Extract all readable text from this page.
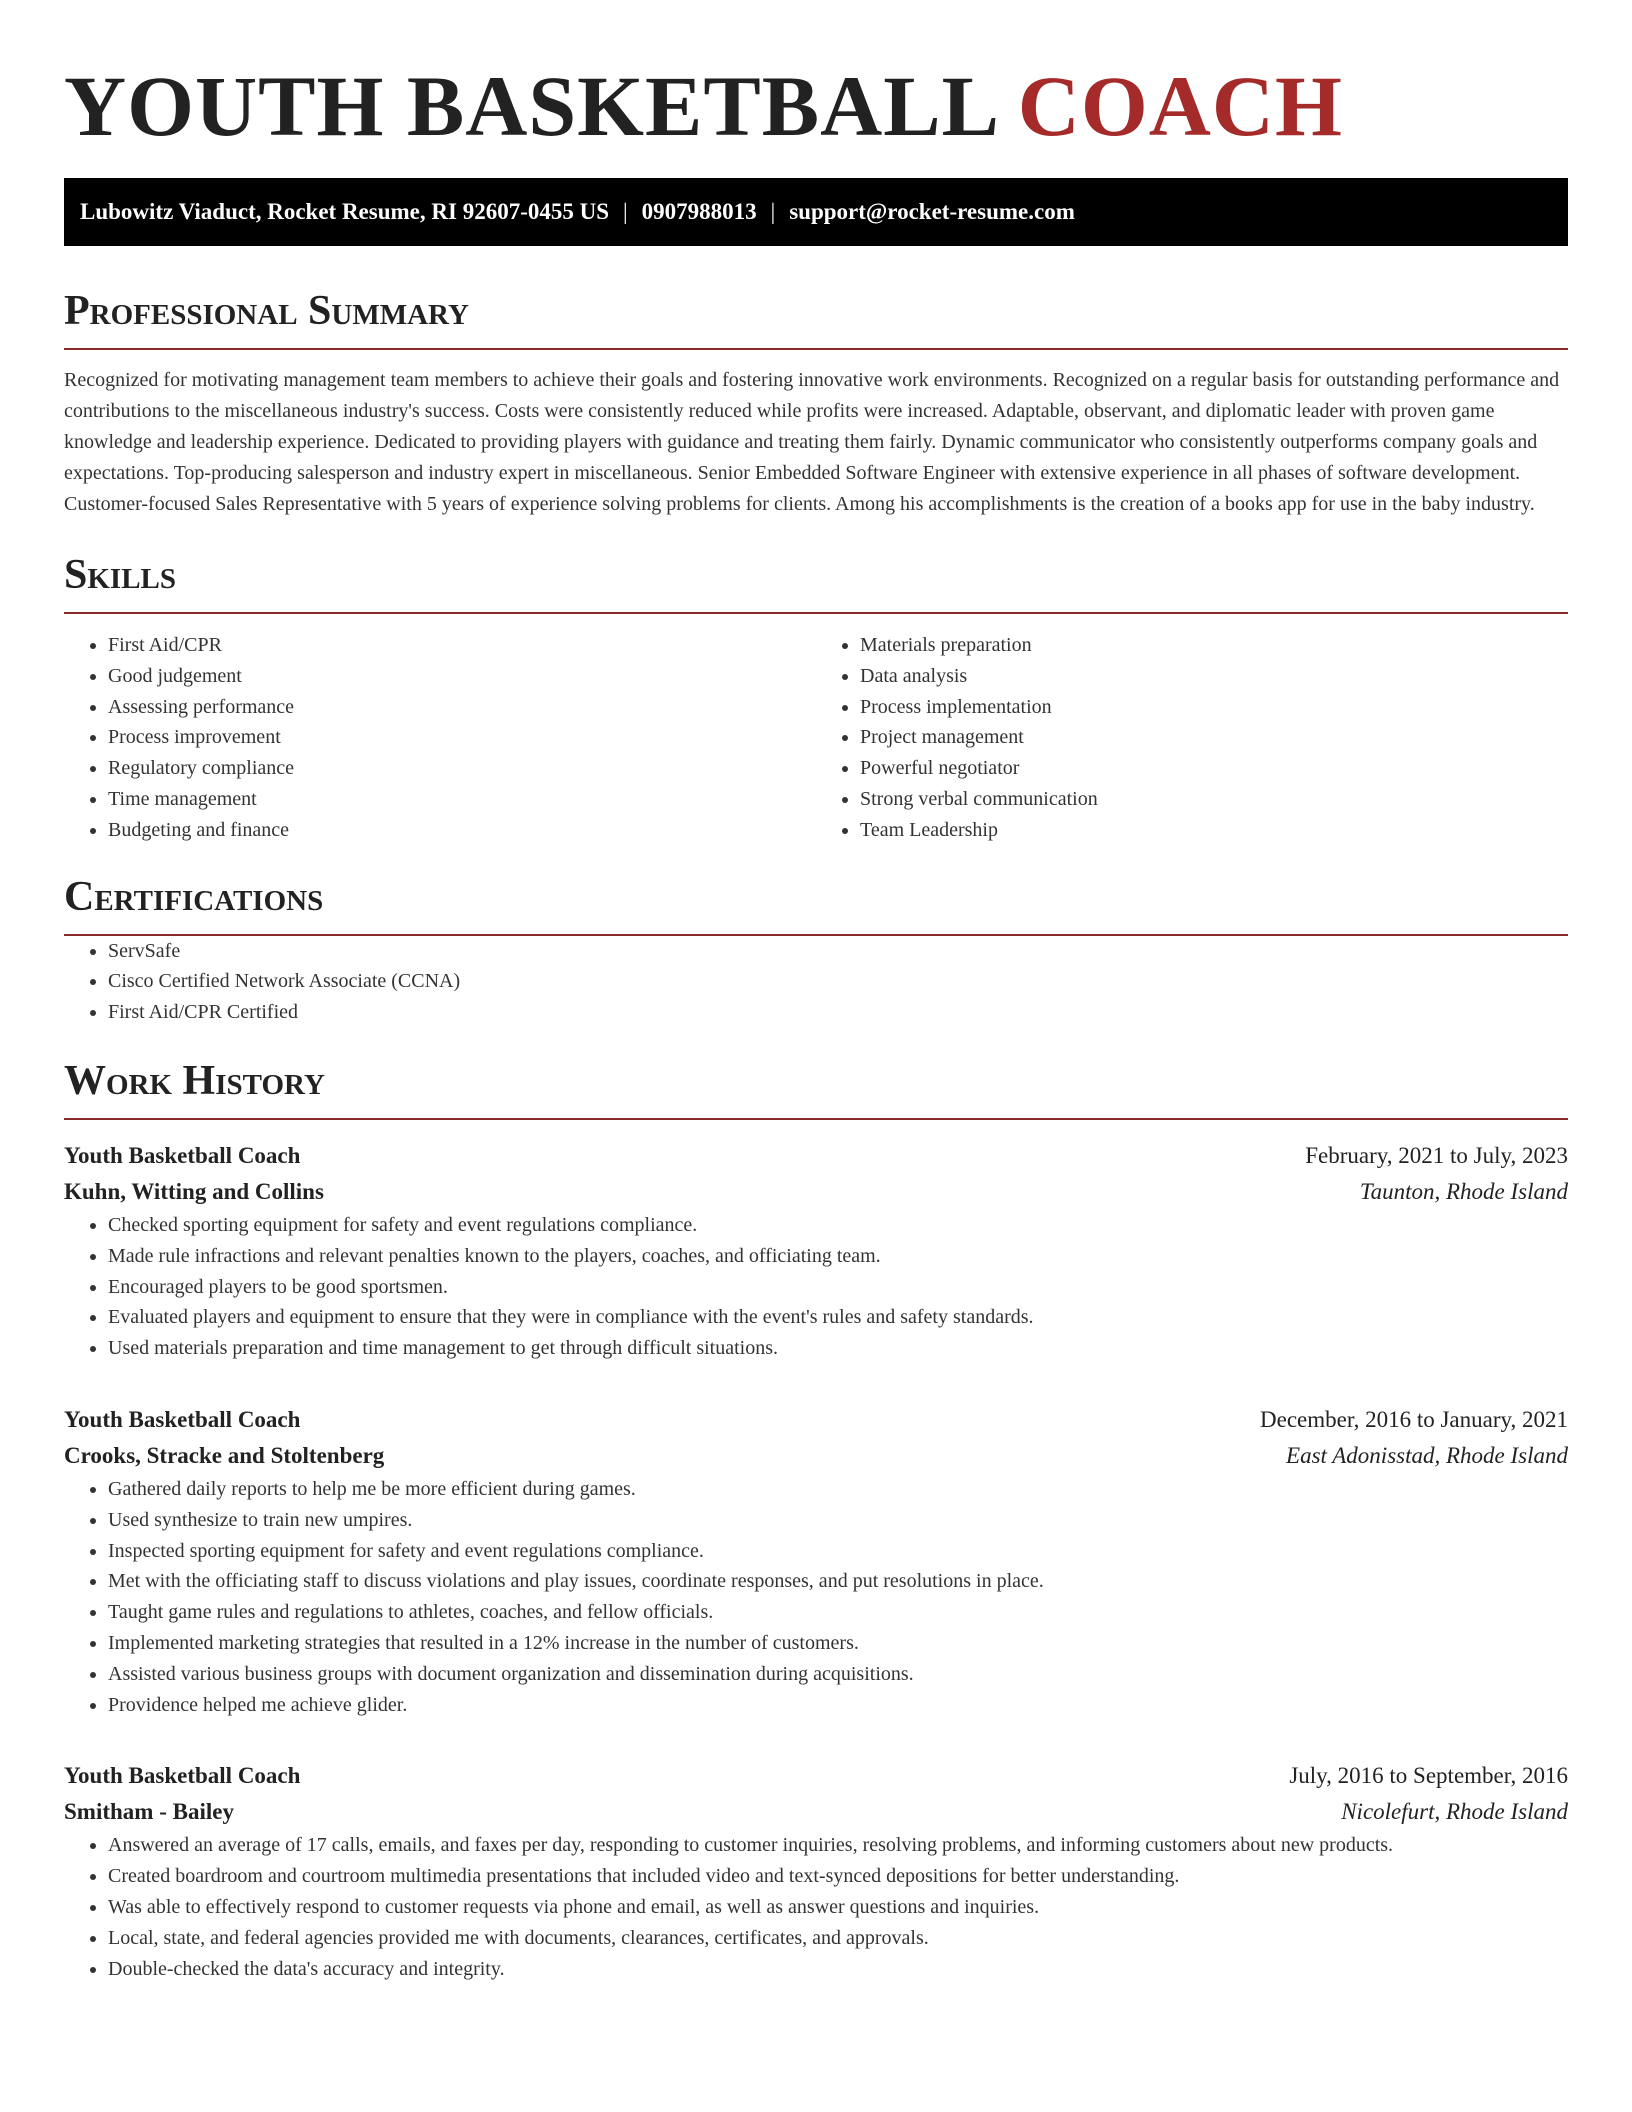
YOUTH BASKETBALL COACH
Lubowitz Viaduct, Rocket Resume, RI 92607-0455 US | 0907988013 | support@rocket-resume.com
Professional Summary

Recognized for motivating management team members to achieve their goals and fostering innovative work environments. Recognized on a regular basis for outstanding performance and contributions to the miscellaneous industry's success. Costs were consistently reduced while profits were increased. Adaptable, observant, and diplomatic leader with proven game knowledge and leadership experience. Dedicated to providing players with guidance and treating them fairly. Dynamic communicator who consistently outperforms company goals and expectations. Top-producing salesperson and industry expert in miscellaneous. Senior Embedded Software Engineer with extensive experience in all phases of software development. Customer-focused Sales Representative with 5 years of experience solving problems for clients. Among his accomplishments is the creation of a books app for use in the baby industry.

Skills
• First Aid/CPR
• Good judgement
• Assessing performance
• Process improvement
• Regulatory compliance
• Time management
• Budgeting and finance
• Materials preparation
• Data analysis
• Process implementation
• Project management
• Powerful negotiator
• Strong verbal communication
• Team Leadership
Certifications
• ServSafe
• Cisco Certified Network Associate (CCNA)
• First Aid/CPR Certified
Work History
Youth Basketball Coach	February, 2021 to July, 2023
Kuhn, Witting and Collins	Taunton, Rhode Island
• Checked sporting equipment for safety and event regulations compliance.
• Made rule infractions and relevant penalties known to the players, coaches, and officiating team.
• Encouraged players to be good sportsmen.
• Evaluated players and equipment to ensure that they were in compliance with the event's rules and safety standards.
• Used materials preparation and time management to get through difficult situations.
Youth Basketball Coach	December, 2016 to January, 2021
Crooks, Stracke and Stoltenberg	East Adonisstad, Rhode Island
• Gathered daily reports to help me be more efficient during games.
• Used synthesize to train new umpires.
• Inspected sporting equipment for safety and event regulations compliance.
• Met with the officiating staff to discuss violations and play issues, coordinate responses, and put resolutions in place.
• Taught game rules and regulations to athletes, coaches, and fellow officials.
• Implemented marketing strategies that resulted in a 12% increase in the number of customers.
• Assisted various business groups with document organization and dissemination during acquisitions.
• Providence helped me achieve glider.
Youth Basketball Coach	July, 2016 to September, 2016
Smitham - Bailey	Nicolefurt, Rhode Island
• Answered an average of 17 calls, emails, and faxes per day, responding to customer inquiries, resolving problems, and informing customers about new products.
• Created boardroom and courtroom multimedia presentations that included video and text-synced depositions for better understanding.
• Was able to effectively respond to customer requests via phone and email, as well as answer questions and inquiries.
• Local, state, and federal agencies provided me with documents, clearances, certificates, and approvals.
• Double-checked the data's accuracy and integrity.
